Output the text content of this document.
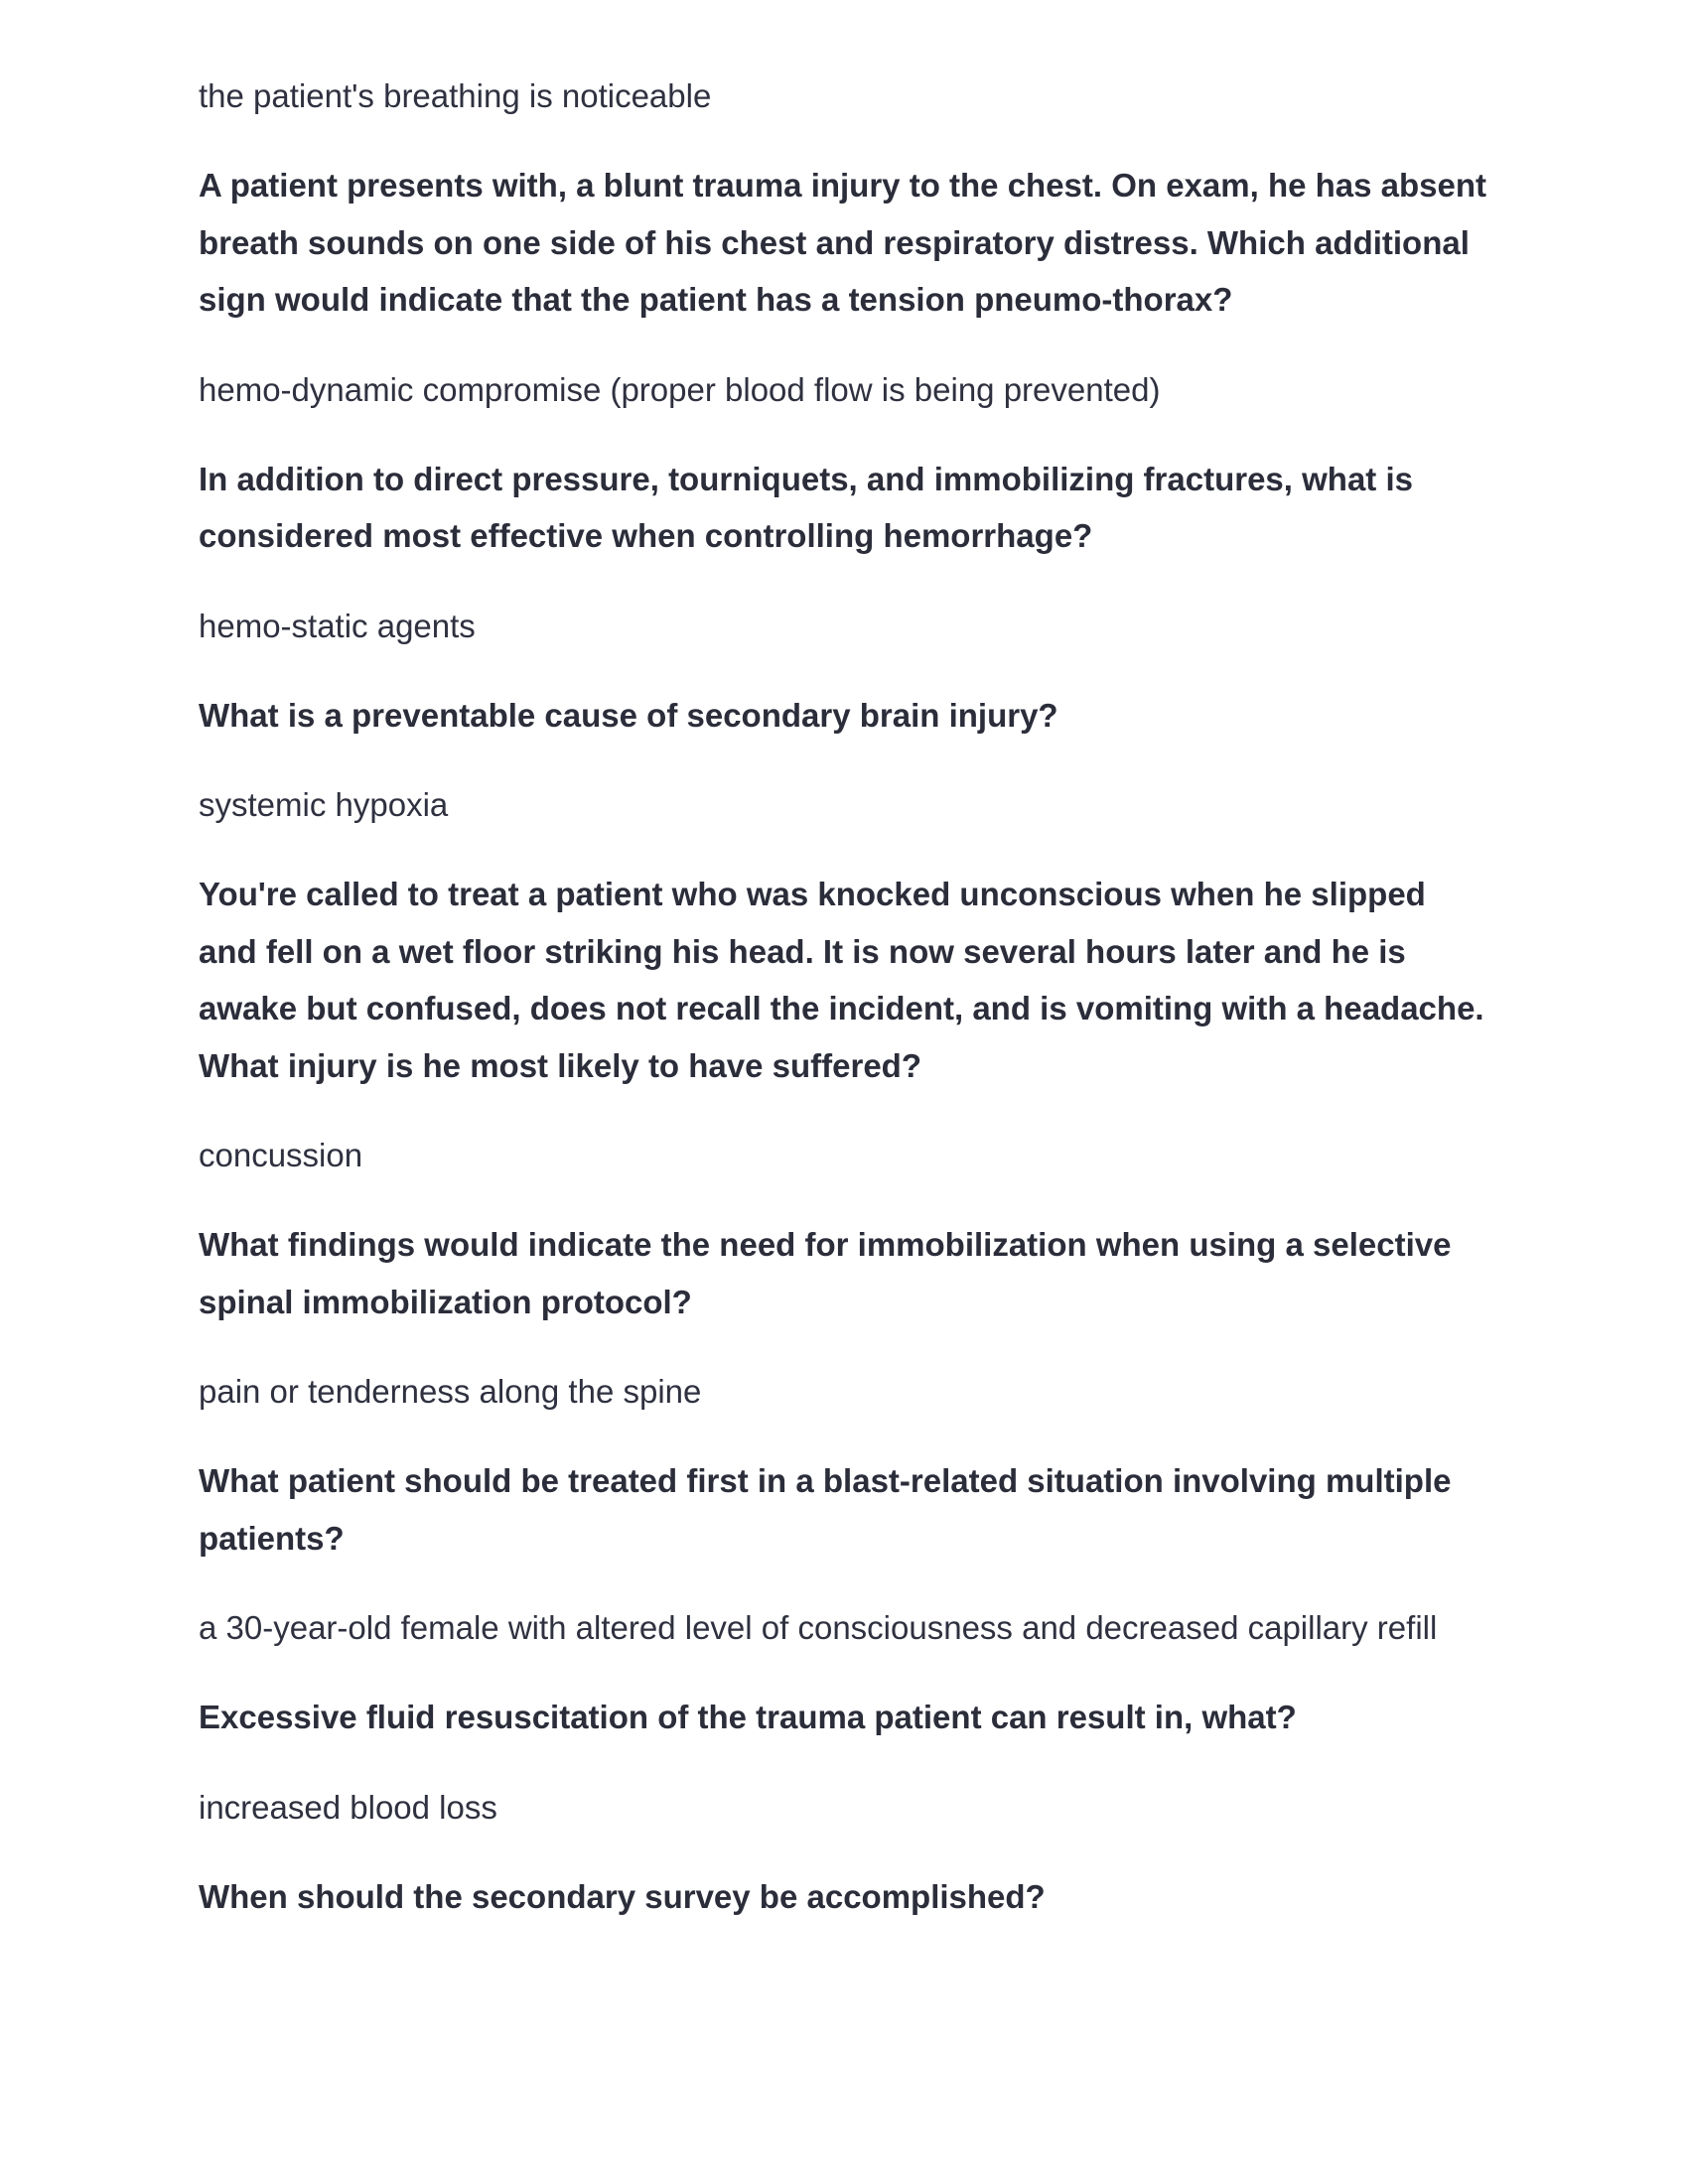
the patient's breathing is noticeable

A patient presents with, a blunt trauma injury to the chest. On exam, he has absent breath sounds on one side of his chest and respiratory distress. Which additional sign would indicate that the patient has a tension pneumo-thorax?

hemo-dynamic compromise (proper blood flow is being prevented)

In addition to direct pressure, tourniquets, and immobilizing fractures, what is considered most effective when controlling hemorrhage?

hemo-static agents

What is a preventable cause of secondary brain injury?

systemic hypoxia

You're called to treat a patient who was knocked unconscious when he slipped and fell on a wet floor striking his head. It is now several hours later and he is awake but confused, does not recall the incident, and is vomiting with a headache. What injury is he most likely to have suffered?

concussion

What findings would indicate the need for immobilization when using a selective spinal immobilization protocol?

pain or tenderness along the spine

What patient should be treated first in a blast-related situation involving multiple patients?

a 30-year-old female with altered level of consciousness and decreased capillary refill

Excessive fluid resuscitation of the trauma patient can result in, what?

increased blood loss

When should the secondary survey be accomplished?
